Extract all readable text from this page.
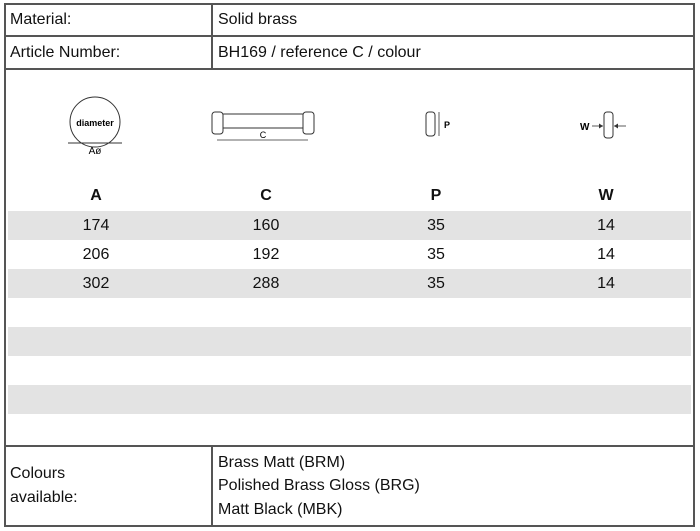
Material:	Solid brass
Article Number:	BH169 / reference C / colour
diameter
Aø
C
P	W
A	C	P	W
174	160	35	14
206	192	35	14
302	288	35	14
Colours
available:
Brass Matt (BRM)
Polished Brass Gloss (BRG)
Matt Black (MBK)
